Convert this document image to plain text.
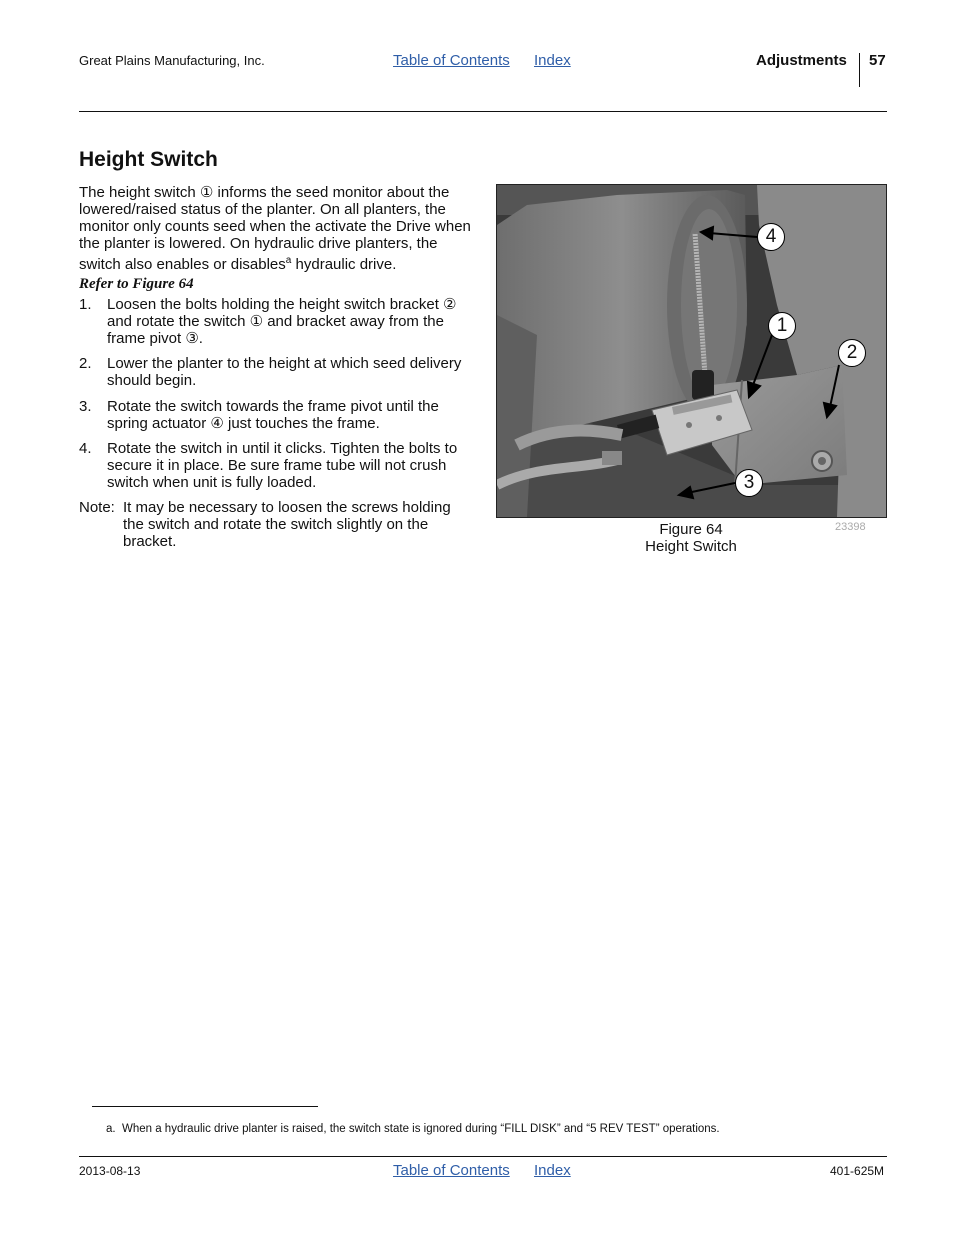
Great Plains Manufacturing, Inc.	Table of Contents Index	Adjustments 57
Height Switch
The height switch ① informs the seed monitor about the lowered/raised status of the planter. On all planters, the monitor only counts seed when the activate the Drive when the planter is lowered. On hydraulic drive planters, the switch also enables or disables$^a$ hydraulic drive.
Refer to Figure 64
1. Loosen the bolts holding the height switch bracket ② and rotate the switch ① and bracket away from the frame pivot ③.
2. Lower the planter to the height at which seed delivery should begin.
3. Rotate the switch towards the frame pivot until the spring actuator ④ just touches the frame.
4. Rotate the switch in until it clicks. Tighten the bolts to secure it in place. Be sure frame tube will not crush switch when unit is fully loaded.
Note: It may be necessary to loosen the screws holding the switch and rotate the switch slightly on the bracket.
4
1
2
3
Figure 64
Height Switch
23398
a. When a hydraulic drive planter is raised, the switch state is ignored during “FILL DISK” and “5 REV TEST” operations.
2013-08-13	Table of Contents Index	401-625M
